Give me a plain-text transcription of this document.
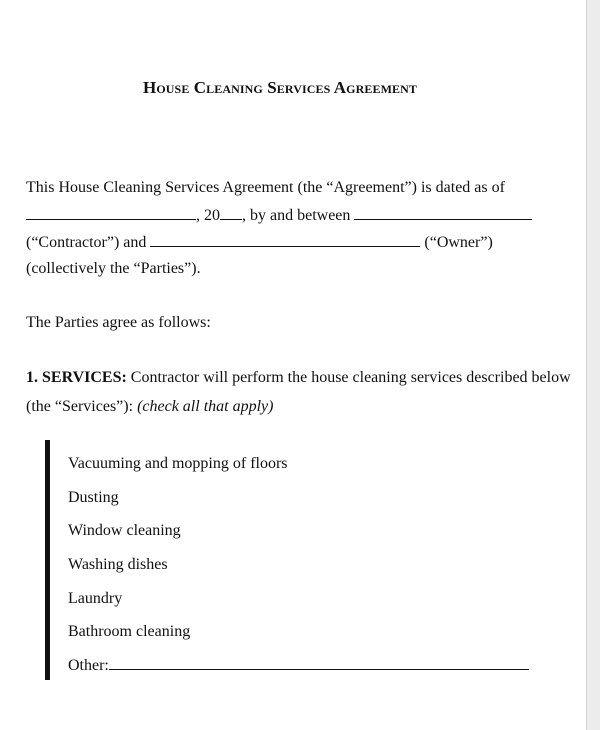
House Cleaning Services Agreement
This House Cleaning Services Agreement (the “Agreement”) is dated as of
, 20 , by and between
(“Contractor”) and	(“Owner”)
(collectively the “Parties”).
The Parties agree as follows:
1. SERVICES: Contractor will perform the house cleaning services described below
(the “Services”): (check all that apply)
Vacuuming and mopping of floors
Dusting
Window cleaning
Washing dishes
Laundry
Bathroom cleaning
Other:
